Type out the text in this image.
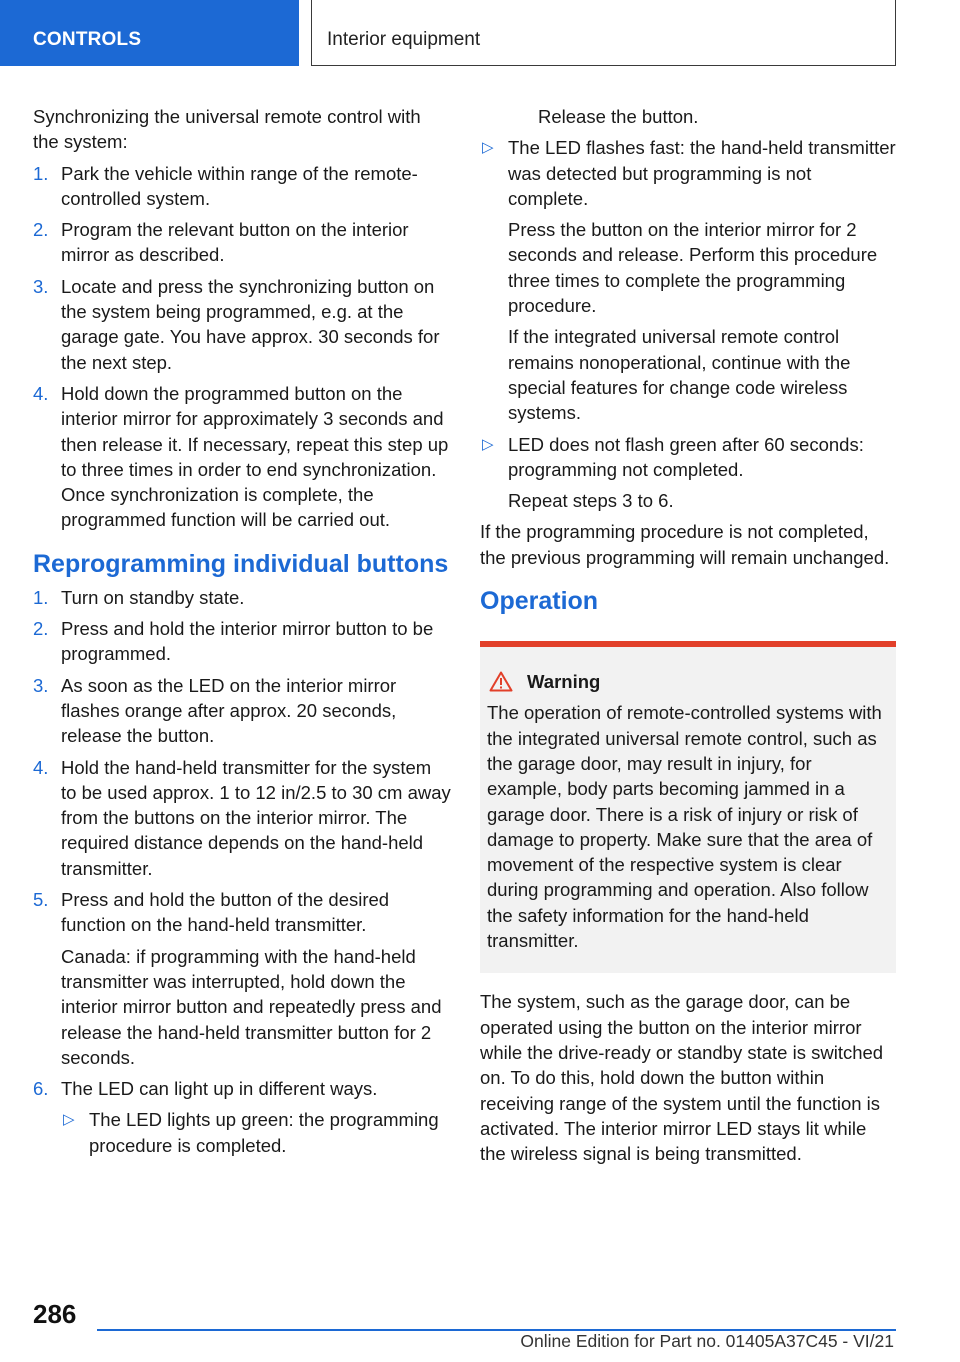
CONTROLS	Interior equipment

Synchronizing the universal remote control with the system:

1. Park the vehicle within range of the remote-controlled system.
2. Program the relevant button on the interior mirror as described.
3. Locate and press the synchronizing button on the system being programmed, e.g. at the garage gate. You have approx. 30 seconds for the next step.
4. Hold down the programmed button on the interior mirror for approximately 3 seconds and then release it. If necessary, repeat this step up to three times in order to end synchronization. Once synchronization is complete, the programmed function will be carried out.
Reprogramming individual buttons
1. Turn on standby state.
2. Press and hold the interior mirror button to be programmed.
3. As soon as the LED on the interior mirror flashes orange after approx. 20 seconds, release the button.
4. Hold the hand-held transmitter for the system to be used approx. 1 to 12 in/2.5 to 30 cm away from the buttons on the interior mirror. The required distance depends on the hand-held transmitter.
5. Press and hold the button of the desired function on the hand-held transmitter.
Canada: if programming with the hand-held transmitter was interrupted, hold down the interior mirror button and repeatedly press and release the hand-held transmitter button for 2 seconds.
6. The LED can light up in different ways.
▷ The LED lights up green: the programming procedure is completed.

Release the button.

▷ The LED flashes fast: the hand-held transmitter was detected but programming is not complete.
Press the button on the interior mirror for 2 seconds and release. Perform this procedure three times to complete the programming procedure.
If the integrated universal remote control remains nonoperational, continue with the special features for change code wireless systems.
▷ LED does not flash green after 60 seconds: programming not completed.
Repeat steps 3 to 6.

If the programming procedure is not completed, the previous programming will remain unchanged.

Operation
Warning
The operation of remote-controlled systems with the integrated universal remote control, such as the garage door, may result in injury, for example, body parts becoming jammed in a garage door. There is a risk of injury or risk of damage to property. Make sure that the area of movement of the respective system is clear during programming and operation. Also follow the safety information for the hand-held transmitter.

The system, such as the garage door, can be operated using the button on the interior mirror while the drive-ready or standby state is switched on. To do this, hold down the button within receiving range of the system until the function is activated. The interior mirror LED stays lit while the wireless signal is being transmitted.

286
Online Edition for Part no. 01405A37C45 - VI/21
